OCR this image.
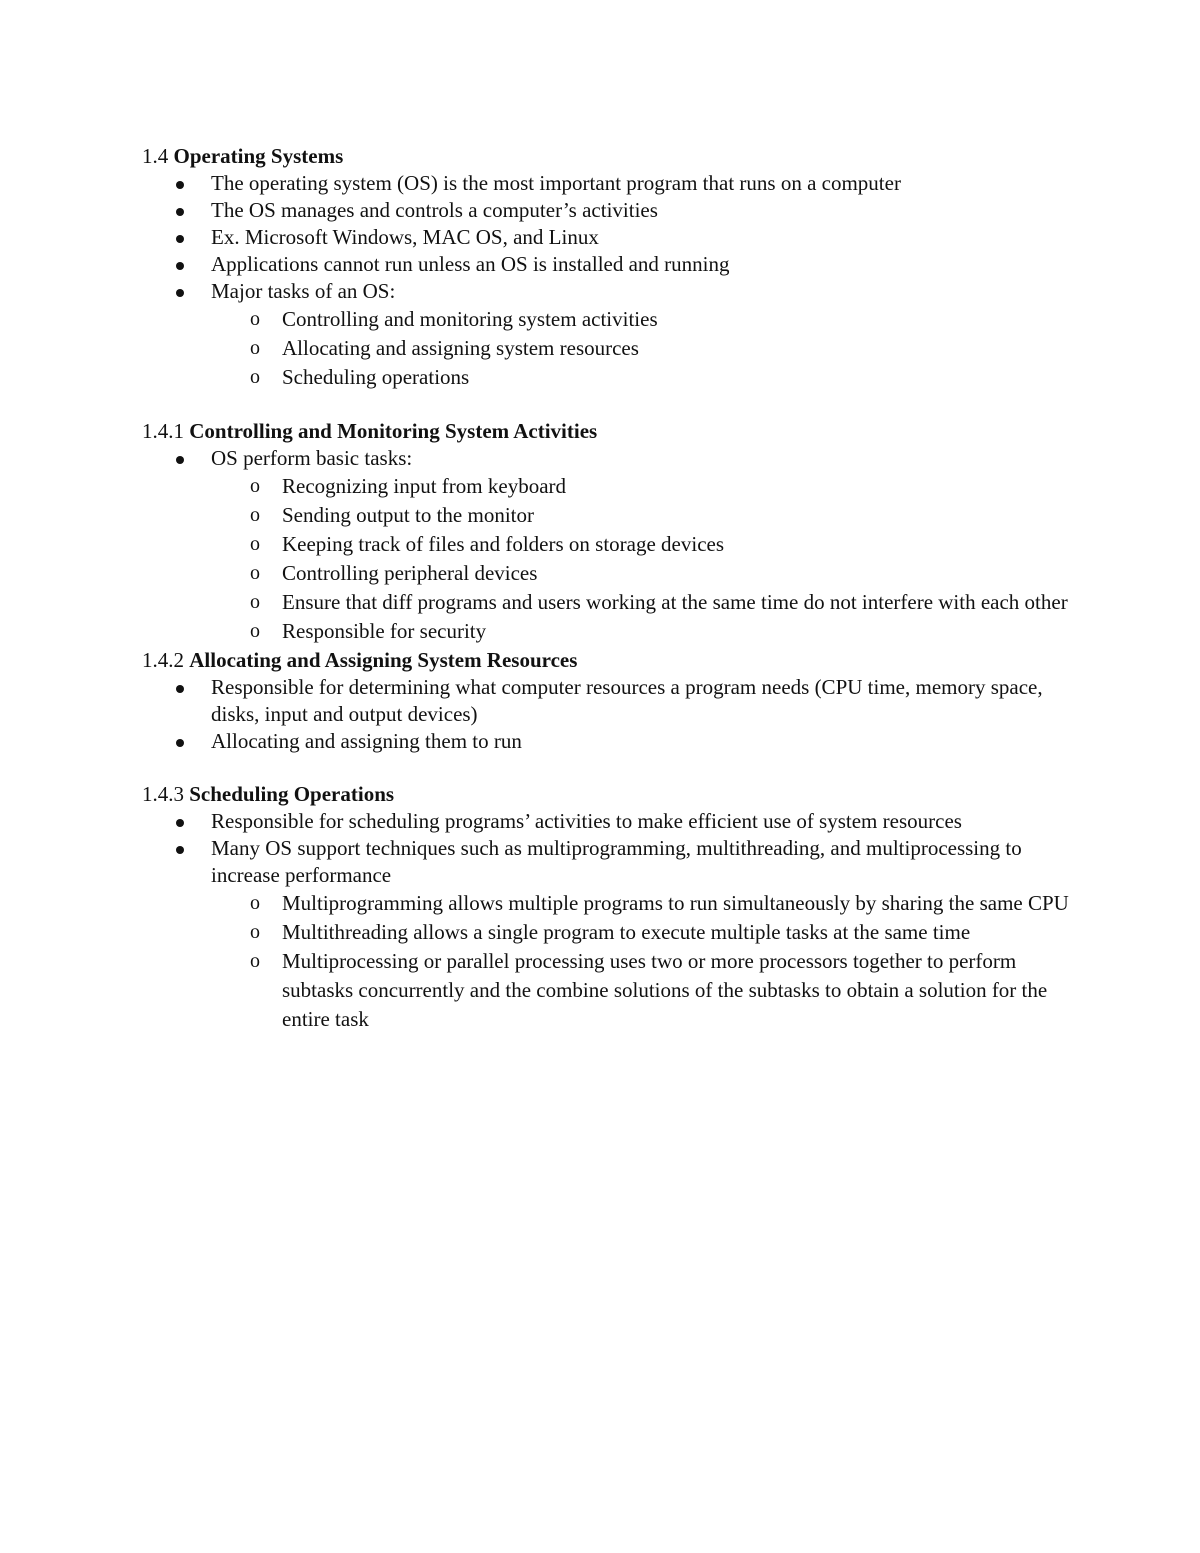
1.4 Operating Systems
The operating system (OS) is the most important program that runs on a computer
The OS manages and controls a computer’s activities
Ex. Microsoft Windows, MAC OS, and Linux
Applications cannot run unless an OS is installed and running
Major tasks of an OS:
o Controlling and monitoring system activities
o Allocating and assigning system resources
o Scheduling operations
1.4.1 Controlling and Monitoring System Activities
OS perform basic tasks:
o Recognizing input from keyboard
o Sending output to the monitor
o Keeping track of files and folders on storage devices
o Controlling peripheral devices
o Ensure that diff programs and users working at the same time do not interfere with each other
o Responsible for security
1.4.2 Allocating and Assigning System Resources
Responsible for determining what computer resources a program needs (CPU time, memory space, disks, input and output devices)
Allocating and assigning them to run
1.4.3 Scheduling Operations
Responsible for scheduling programs’ activities to make efficient use of system resources
Many OS support techniques such as multiprogramming, multithreading, and multiprocessing to increase performance
o Multiprogramming allows multiple programs to run simultaneously by sharing the same CPU
o Multithreading allows a single program to execute multiple tasks at the same time
o Multiprocessing or parallel processing uses two or more processors together to perform subtasks concurrently and the combine solutions of the subtasks to obtain a solution for the entire task
